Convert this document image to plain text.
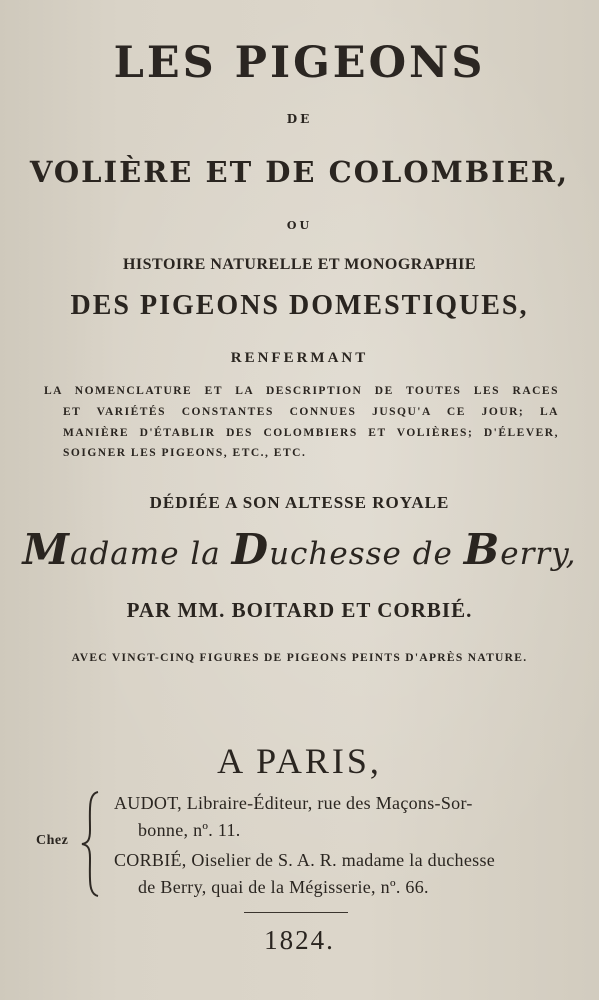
LES PIGEONS

DE

VOLIÈRE ET DE COLOMBIER,

OU

HISTOIRE NATURELLE ET MONOGRAPHIE

DES PIGEONS DOMESTIQUES,

RENFERMANT

LA NOMENCLATURE ET LA DESCRIPTION DE TOUTES LES RACES

ET VARIÉTÉS CONSTANTES CONNUES JUSQU'A CE JOUR; LA

MANIÈRE D'ÉTABLIR DES COLOMBIERS ET VOLIÈRES; D'ÉLEVER,

SOIGNER LES PIGEONS, ETC., ETC.

DÉDIÉE A SON ALTESSE ROYALE

Madame la Duchesse de Berry,

PAR MM. BOITARD ET CORBIÉ.

AVEC VINGT-CINQ FIGURES DE PIGEONS PEINTS D'APRÈS NATURE.

A PARIS,

Chez

AUDOT, Libraire-Éditeur, rue des Maçons-Sor-

bonne, nº. 11.

CORBIÉ, Oiselier de S. A. R. madame la duchesse

de Berry, quai de la Mégisserie, nº. 66.

1824.
